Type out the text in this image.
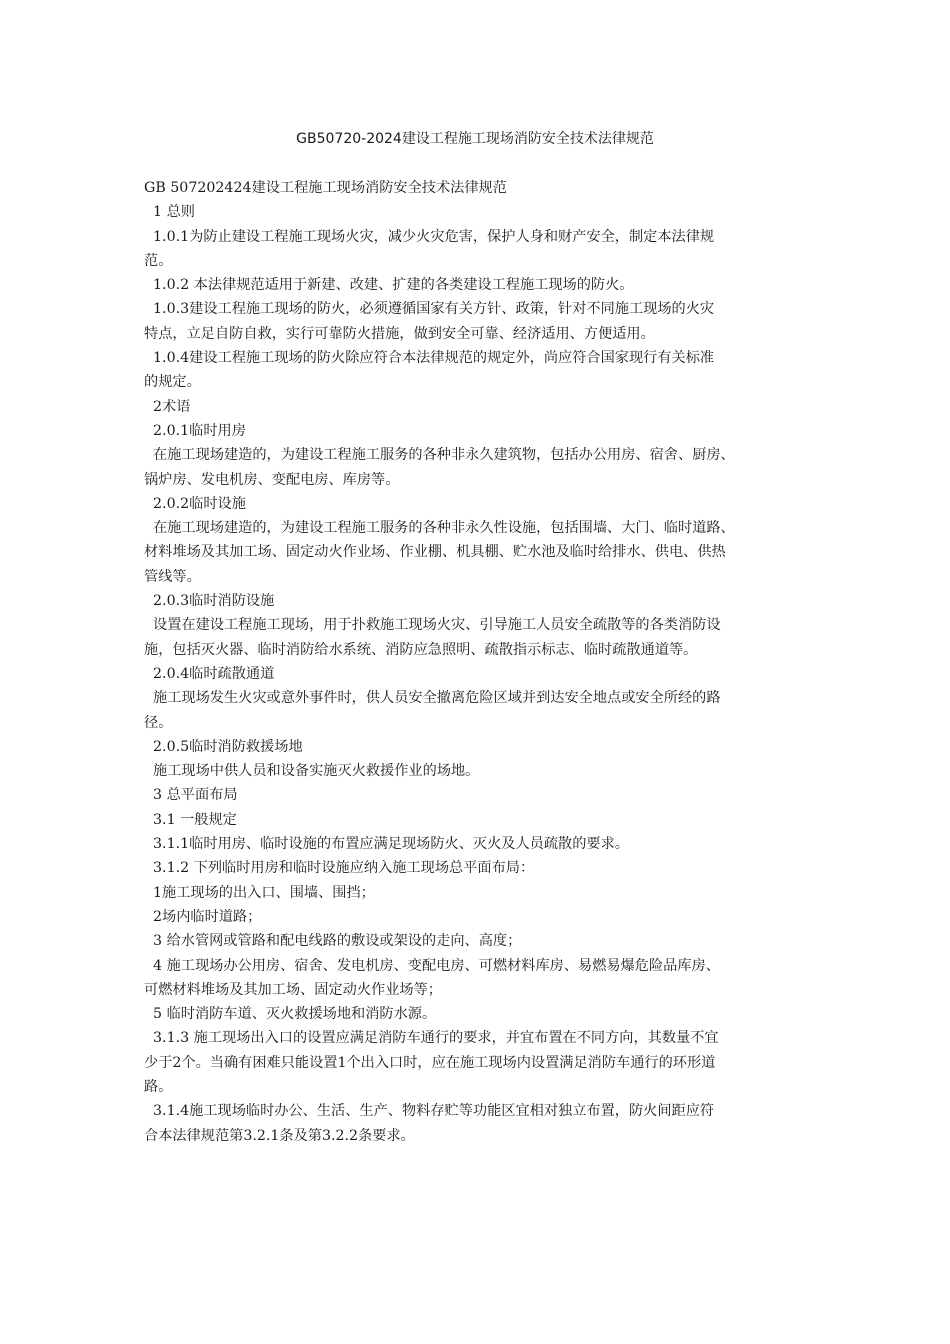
GB50720-2024建设工程施工现场消防安全技术法律规范

GB 507202424建设工程施工现场消防安全技术法律规范

1 总则

1.0.1为防止建设工程施工现场火灾，减少火灾危害，保护人身和财产安全，制定本法律规

范。

1.0.2 本法律规范适用于新建、改建、扩建的各类建设工程施工现场的防火。

1.0.3建设工程施工现场的防火，必须遵循国家有关方针、政策，针对不同施工现场的火灾

特点，立足自防自救，实行可靠防火措施，做到安全可靠、经济适用、方便适用。

1.0.4建设工程施工现场的防火除应符合本法律规范的规定外，尚应符合国家现行有关标准

的规定。

2术语

2.0.1临时用房

在施工现场建造的，为建设工程施工服务的各种非永久建筑物，包括办公用房、宿舍、厨房、

锅炉房、发电机房、变配电房、库房等。

2.0.2临时设施

在施工现场建造的，为建设工程施工服务的各种非永久性设施，包括围墙、大门、临时道路、

材料堆场及其加工场、固定动火作业场、作业棚、机具棚、贮水池及临时给排水、供电、供热

管线等。

2.0.3临时消防设施

设置在建设工程施工现场，用于扑救施工现场火灾、引导施工人员安全疏散等的各类消防设

施，包括灭火器、临时消防给水系统、消防应急照明、疏散指示标志、临时疏散通道等。

2.0.4临时疏散通道

施工现场发生火灾或意外事件时，供人员安全撤离危险区域并到达安全地点或安全所经的路

径。

2.0.5临时消防救援场地

施工现场中供人员和设备实施灭火救援作业的场地。

3 总平面布局

3.1 一般规定

3.1.1临时用房、临时设施的布置应满足现场防火、灭火及人员疏散的要求。

3.1.2 下列临时用房和临时设施应纳入施工现场总平面布局：

1施工现场的出入口、围墙、围挡；

2场内临时道路；

3 给水管网或管路和配电线路的敷设或架设的走向、高度；

4 施工现场办公用房、宿舍、发电机房、变配电房、可燃材料库房、易燃易爆危险品库房、

可燃材料堆场及其加工场、固定动火作业场等；

5 临时消防车道、灭火救援场地和消防水源。

3.1.3 施工现场出入口的设置应满足消防车通行的要求，并宜布置在不同方向，其数量不宜

少于2个。当确有困难只能设置1个出入口时，应在施工现场内设置满足消防车通行的环形道

路。

3.1.4施工现场临时办公、生活、生产、物料存贮等功能区宜相对独立布置，防火间距应符

合本法律规范第3.2.1条及第3.2.2条要求。
